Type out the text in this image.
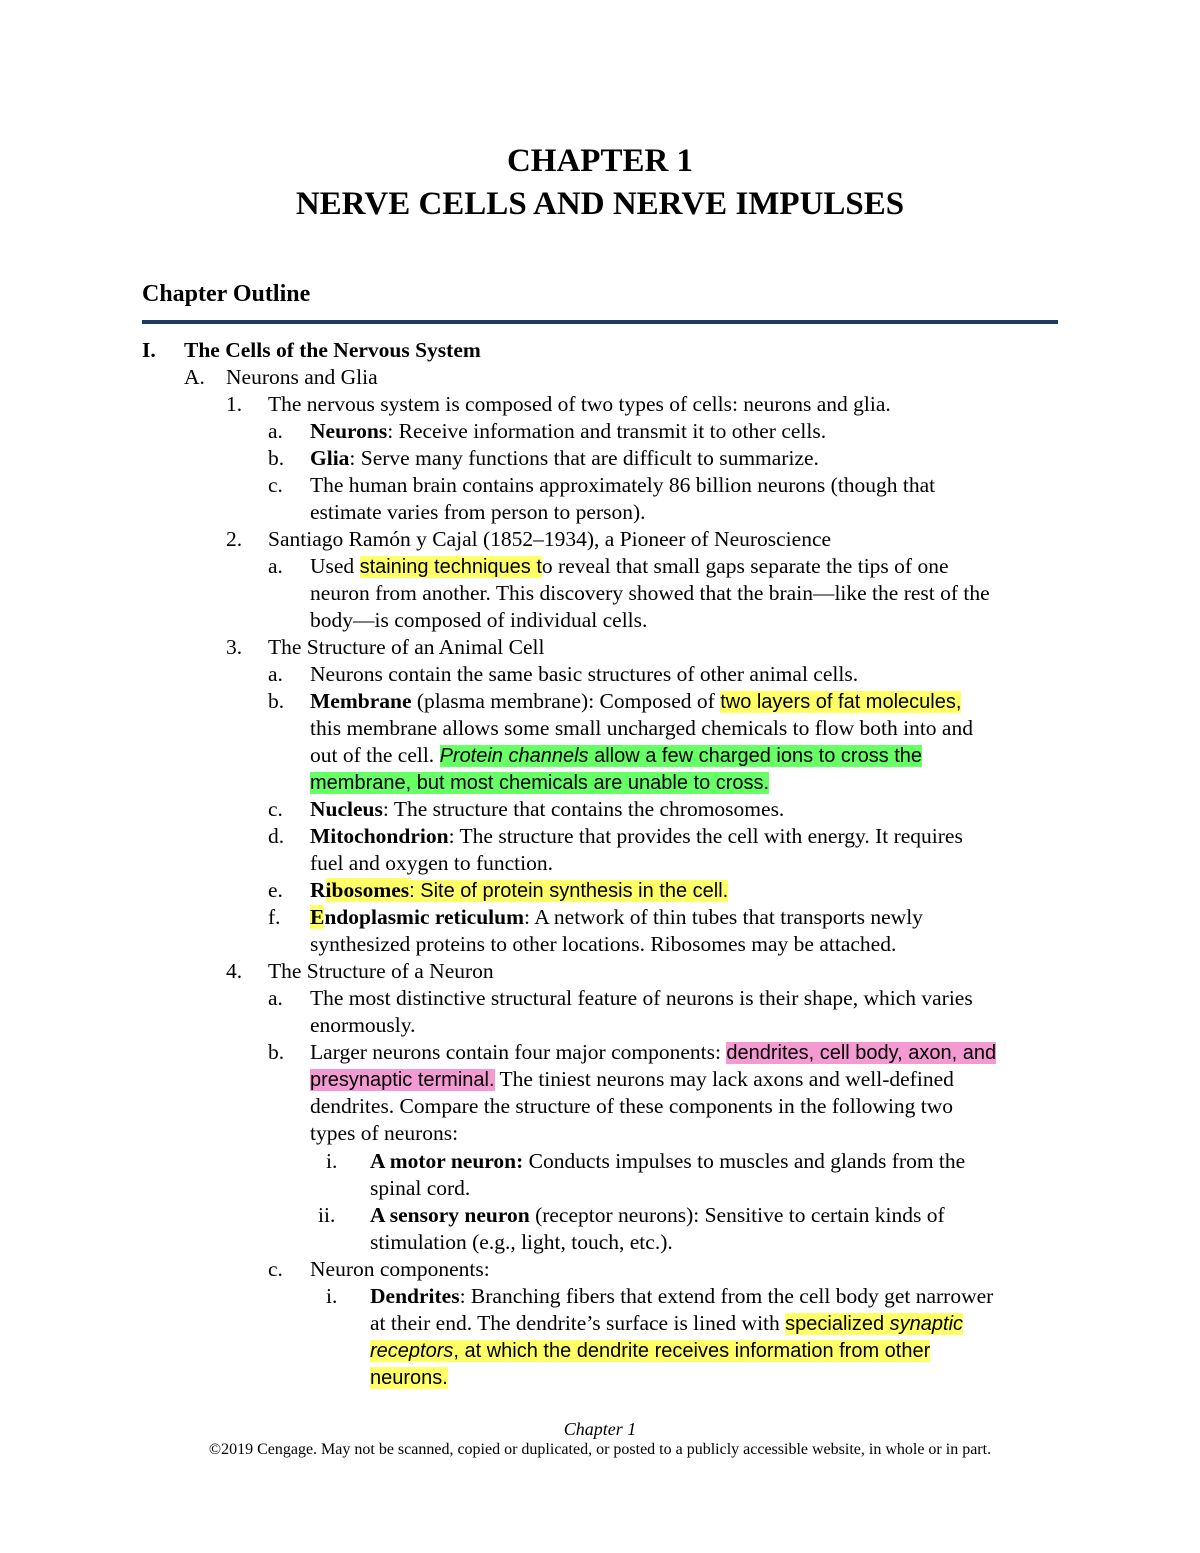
CHAPTER 1
NERVE CELLS AND NERVE IMPULSES
Chapter Outline
I. The Cells of the Nervous System
A. Neurons and Glia
1. The nervous system is composed of two types of cells: neurons and glia.
a. Neurons: Receive information and transmit it to other cells.
b. Glia: Serve many functions that are difficult to summarize.
c. The human brain contains approximately 86 billion neurons (though that
estimate varies from person to person).
2. Santiago Ramón y Cajal (1852–1934), a Pioneer of Neuroscience
a. Used staining techniques to reveal that small gaps separate the tips of one
neuron from another. This discovery showed that the brain—like the rest of the
body—is composed of individual cells.
3. The Structure of an Animal Cell
a. Neurons contain the same basic structures of other animal cells.
b. Membrane (plasma membrane): Composed of two layers of fat molecules,
this membrane allows some small uncharged chemicals to flow both into and
out of the cell. Protein channels allow a few charged ions to cross the
membrane, but most chemicals are unable to cross.
c. Nucleus: The structure that contains the chromosomes.
d. Mitochondrion: The structure that provides the cell with energy. It requires
fuel and oxygen to function.
e. Ribosomes: Site of protein synthesis in the cell.
f. Endoplasmic reticulum: A network of thin tubes that transports newly
synthesized proteins to other locations. Ribosomes may be attached.
4. The Structure of a Neuron
a. The most distinctive structural feature of neurons is their shape, which varies
enormously.
b. Larger neurons contain four major components: dendrites, cell body, axon, and
presynaptic terminal. The tiniest neurons may lack axons and well-defined
dendrites. Compare the structure of these components in the following two
types of neurons:
i. A motor neuron: Conducts impulses to muscles and glands from the
spinal cord.
ii. A sensory neuron (receptor neurons): Sensitive to certain kinds of
stimulation (e.g., light, touch, etc.).
c. Neuron components:
i. Dendrites: Branching fibers that extend from the cell body get narrower
at their end. The dendrite’s surface is lined with specialized synaptic
receptors, at which the dendrite receives information from other
neurons.
Chapter 1
©2019 Cengage. May not be scanned, copied or duplicated, or posted to a publicly accessible website, in whole or in part.
